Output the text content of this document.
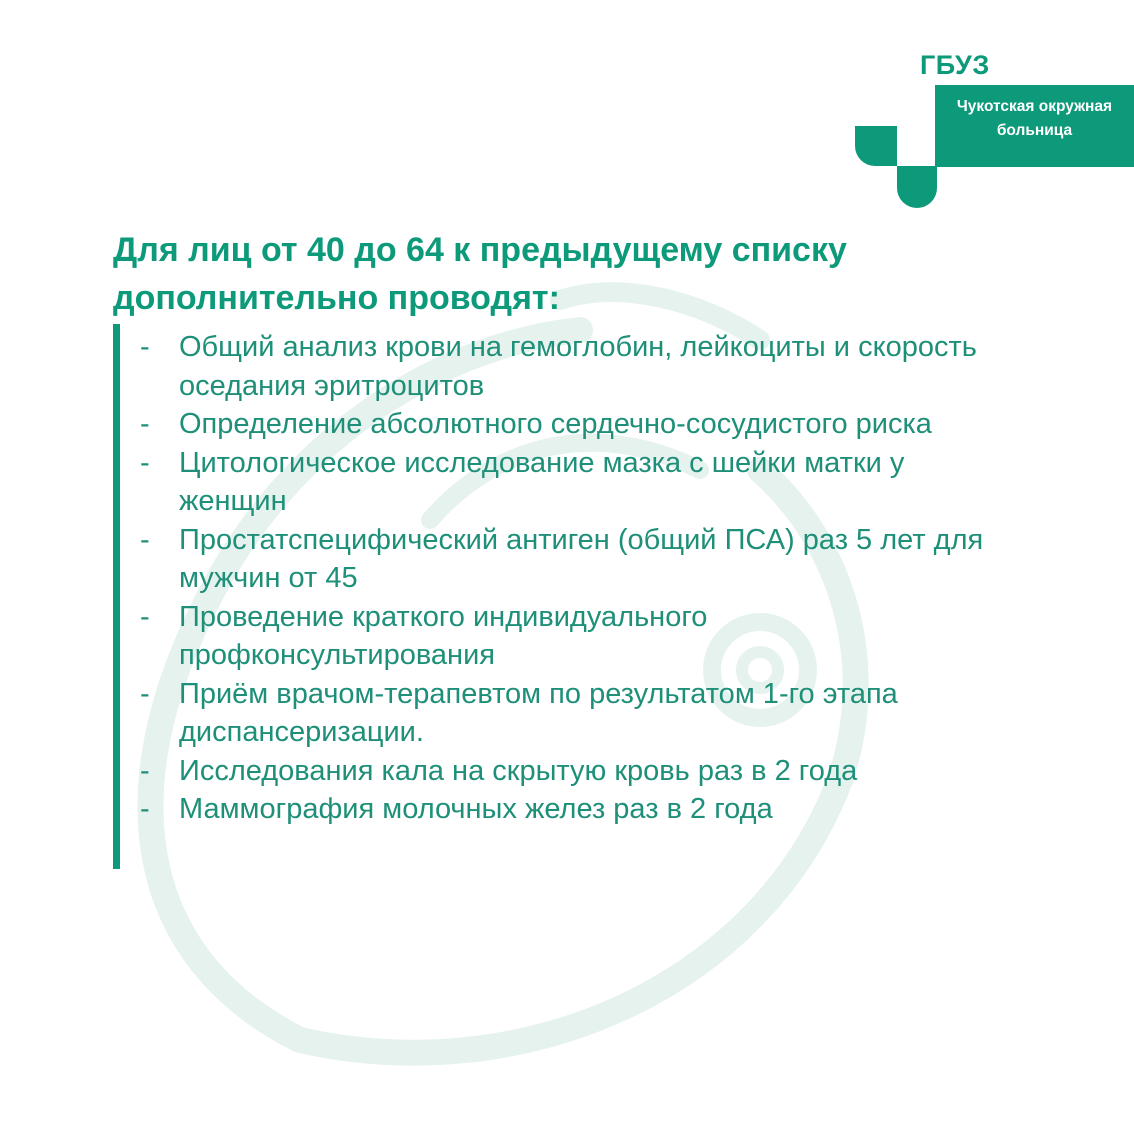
ГБУЗ
Чукотская окружная
больница
Для лиц от 40 до 64 к предыдущему списку дополнительно проводят:
- Общий анализ крови на гемоглобин, лейкоциты и скорость оседания эритроцитов
- Определение абсолютного сердечно-сосудистого риска
- Цитологическое исследование мазка с шейки матки у женщин
- Простатспецифический антиген (общий ПСА) раз 5 лет для мужчин от 45
- Проведение краткого индивидуального профконсультирования
- Приём врачом-терапевтом по результатом 1-го этапа диспансеризации.
- Исследования кала на скрытую кровь раз в 2 года
- Маммография молочных желез раз в 2 года
